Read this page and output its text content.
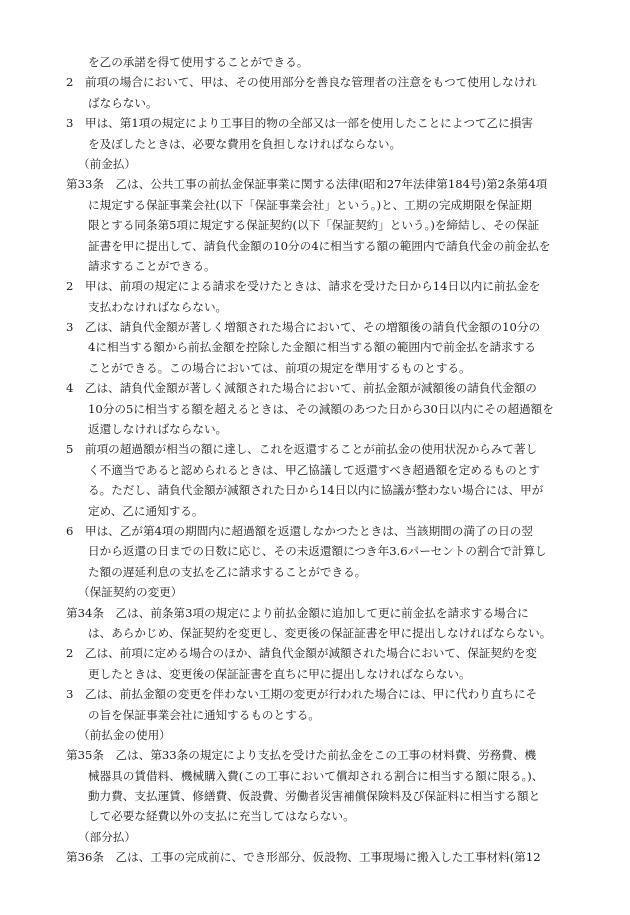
を乙の承諾を得て使用することができる。
2　前項の場合において、甲は、その使用部分を善良な管理者の注意をもつて使用しなけれ
ばならない。
3　甲は、第1項の規定により工事目的物の全部又は一部を使用したことによつて乙に損害
を及ぼしたときは、必要な費用を負担しなければならない。
（前金払）
第33条　乙は、公共工事の前払金保証事業に関する法律(昭和27年法律第184号)第2条第4項
に規定する保証事業会社(以下「保証事業会社」という。)と、工期の完成期限を保証期
限とする同条第5項に規定する保証契約(以下「保証契約」という。)を締結し、その保証
証書を甲に提出して、請負代金額の10分の4に相当する額の範囲内で請負代金の前金払を
請求することができる。
2　甲は、前項の規定による請求を受けたときは、請求を受けた日から14日以内に前払金を
支払わなければならない。
3　乙は、請負代金額が著しく増額された場合において、その増額後の請負代金額の10分の
4に相当する額から前払金額を控除した金額に相当する額の範囲内で前金払を請求する
ことができる。この場合においては、前項の規定を準用するものとする。
4　乙は、請負代金額が著しく減額された場合において、前払金額が減額後の請負代金額の
10分の5に相当する額を超えるときは、その減額のあつた日から30日以内にその超過額を
返還しなければならない。
5　前項の超過額が相当の額に達し、これを返還することが前払金の使用状況からみて著し
く不適当であると認められるときは、甲乙協議して返還すべき超過額を定めるものとす
る。ただし、請負代金額が減額された日から14日以内に協議が整わない場合には、甲が
定め、乙に通知する。
6　甲は、乙が第4項の期間内に超過額を返還しなかつたときは、当該期間の満了の日の翌
日から返還の日までの日数に応じ、その未返還額につき年3.6パーセントの割合で計算し
た額の遅延利息の支払を乙に請求することができる。
（保証契約の変更）
第34条　乙は、前条第3項の規定により前払金額に追加して更に前金払を請求する場合に
は、あらかじめ、保証契約を変更し、変更後の保証証書を甲に提出しなければならない。
2　乙は、前項に定める場合のほか、請負代金額が減額された場合において、保証契約を変
更したときは、変更後の保証証書を直ちに甲に提出しなければならない。
3　乙は、前払金額の変更を伴わない工期の変更が行われた場合には、甲に代わり直ちにそ
の旨を保証事業会社に通知するものとする。
（前払金の使用）
第35条　乙は、第33条の規定により支払を受けた前払金をこの工事の材料費、労務費、機
械器具の賃借料、機械購入費(この工事において償却される割合に相当する額に限る。)、
動力費、支払運賃、修繕費、仮設費、労働者災害補償保険料及び保証料に相当する額と
して必要な経費以外の支払に充当してはならない。
（部分払）
第36条　乙は、工事の完成前に、でき形部分、仮設物、工事現場に搬入した工事材料(第12
